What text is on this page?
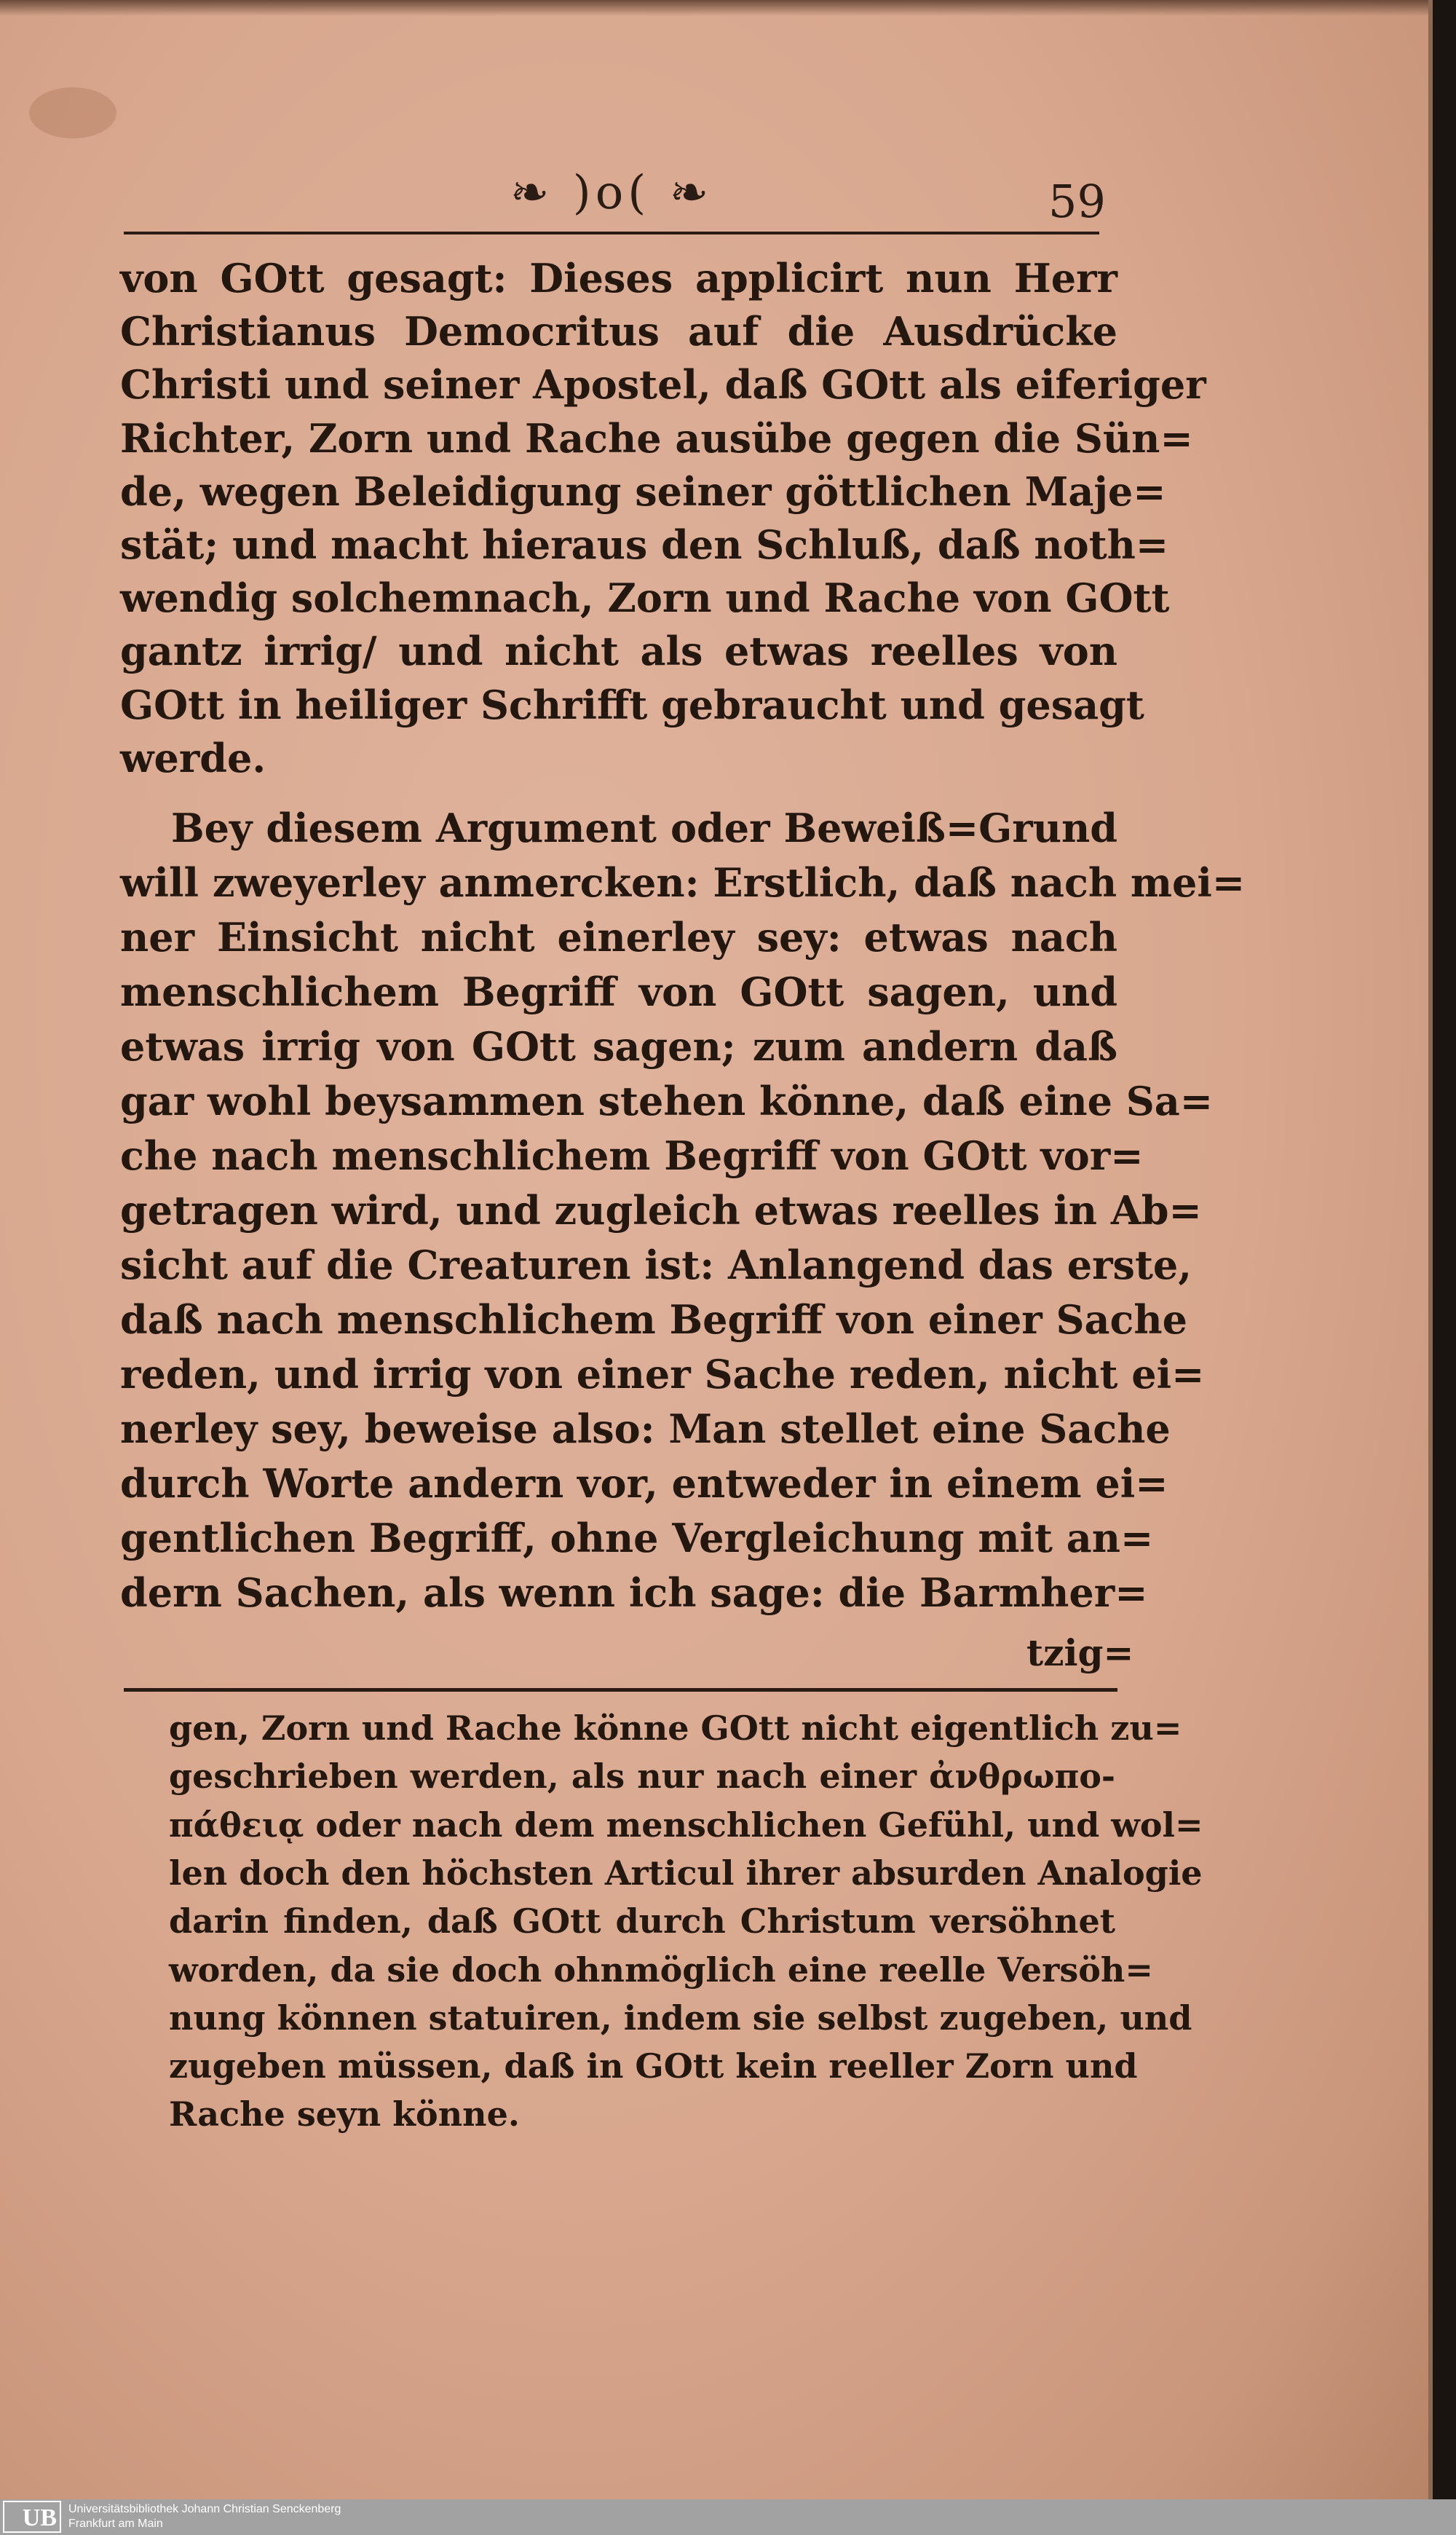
❧ )o( ❧	59
von GOtt gesagt: Dieses applicirt nun Herr
Christianus Democritus auf die Ausdrücke
Christi und seiner Apostel, daß GOtt als eiferiger
Richter, Zorn und Rache ausübe gegen die Sün=
de, wegen Beleidigung seiner göttlichen Maje=
stät; und macht hieraus den Schluß, daß noth=
wendig solchemnach, Zorn und Rache von GOtt
gantz irrig/ und nicht als etwas reelles von
GOtt in heiliger Schrifft gebraucht und gesagt
werde.
Bey diesem Argument oder Beweiß=Grund
will zweyerley anmercken: Erstlich, daß nach mei=
ner Einsicht nicht einerley sey: etwas nach
menschlichem Begriff von GOtt sagen, und
etwas irrig von GOtt sagen; zum andern daß
gar wohl beysammen stehen könne, daß eine Sa=
che nach menschlichem Begriff von GOtt vor=
getragen wird, und zugleich etwas reelles in Ab=
sicht auf die Creaturen ist: Anlangend das erste,
daß nach menschlichem Begriff von einer Sache
reden, und irrig von einer Sache reden, nicht ei=
nerley sey, beweise also: Man stellet eine Sache
durch Worte andern vor, entweder in einem ei=
gentlichen Begriff, ohne Vergleichung mit an=
dern Sachen, als wenn ich sage: die Barmher=
tzig=
gen, Zorn und Rache könne GOtt nicht eigentlich zu=
geschrieben werden, als nur nach einer ἀνθρωπο-
πάθειᾳ oder nach dem menschlichen Gefühl, und wol=
len doch den höchsten Articul ihrer absurden Analogie
darin finden, daß GOtt durch Christum versöhnet
worden, da sie doch ohnmöglich eine reelle Versöh=
nung können statuiren, indem sie selbst zugeben, und
zugeben müssen, daß in GOtt kein reeller Zorn und
Rache seyn könne.
UB	Universitätsbibliothek Johann Christian Senckenberg
Frankfurt am Main
